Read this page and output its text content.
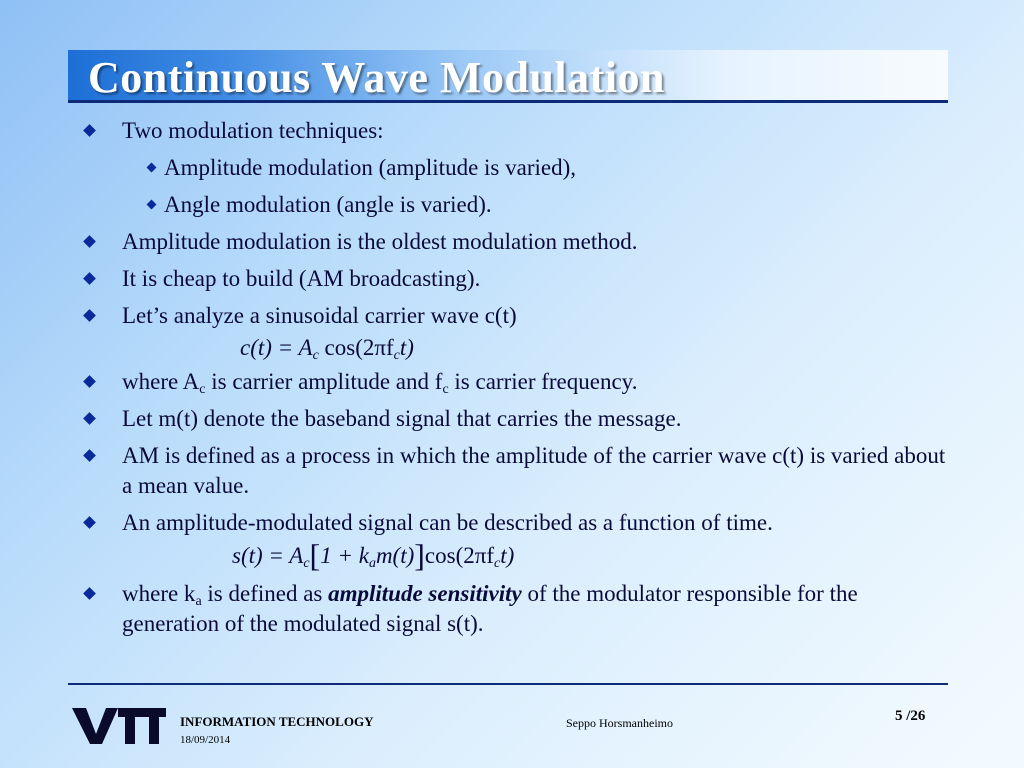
Continuous Wave Modulation
Two modulation techniques:
Amplitude modulation (amplitude is varied),
Angle modulation (angle is varied).
Amplitude modulation is the oldest modulation method.
It is cheap to build (AM broadcasting).
Let’s analyze a sinusoidal carrier wave c(t)
$c(t) = A_c$ $\cos(2\pi f_ct)$
where $A_c$ is carrier amplitude and $f_c$ is carrier frequency.
Let m(t) denote the baseband signal that carries the message.
AM is defined as a process in which the amplitude of the carrier wave c(t) is varied about a mean value.
An amplitude-modulated signal can be described as a function of time.
$s(t) = A_c[1 + k_am(t)]\cos(2\pi f_ct)$
where $k_a$ is defined as amplitude sensitivity of the modulator responsible for the generation of the modulated signal s(t).
INFORMATION TECHNOLOGY
18/09/2014
Seppo Horsmanheimo	5 /26
